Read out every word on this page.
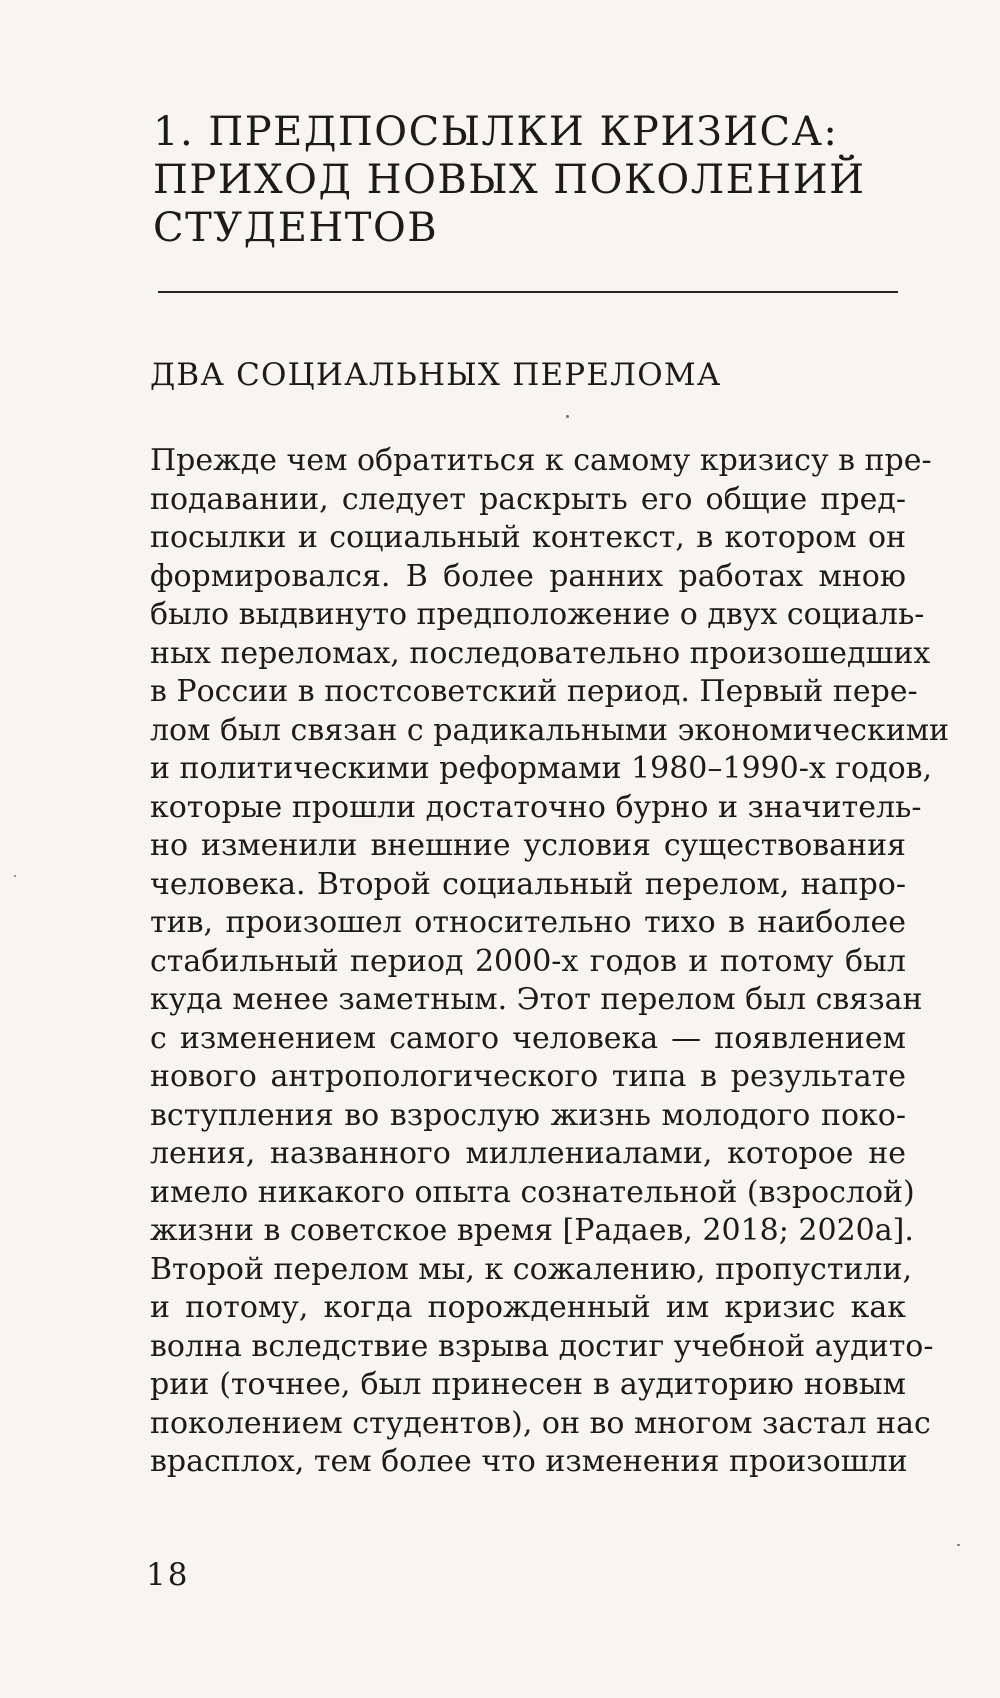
1. ПРЕДПОСЫЛКИ КРИЗИСА:
ПРИХОД НОВЫХ ПОКОЛЕНИЙ
СТУДЕНТОВ
ДВА СОЦИАЛЬНЫХ ПЕРЕЛОМА
Прежде чем обратиться к самому кризису в пре-
подавании, следует раскрыть его общие пред-
посылки и социальный контекст, в котором он
формировался. В более ранних работах мною
было выдвинуто предположение о двух социаль-
ных переломах, последовательно произошедших
в России в постсоветский период. Первый пере-
лом был связан с радикальными экономическими
и политическими реформами 1980–1990-х годов,
которые прошли достаточно бурно и значитель-
но изменили внешние условия существования
человека. Второй социальный перелом, напро-
тив, произошел относительно тихо в наиболее
стабильный период 2000-х годов и потому был
куда менее заметным. Этот перелом был связан
с изменением самого человека — появлением
нового антропологического типа в результате
вступления во взрослую жизнь молодого поко-
ления, названного миллениалами, которое не
имело никакого опыта сознательной (взрослой)
жизни в советское время [Радаев, 2018; 2020а].
Второй перелом мы, к сожалению, пропустили,
и потому, когда порожденный им кризис как
волна вследствие взрыва достиг учебной аудито-
рии (точнее, был принесен в аудиторию новым
поколением студентов), он во многом застал нас
врасплох, тем более что изменения произошли
18
